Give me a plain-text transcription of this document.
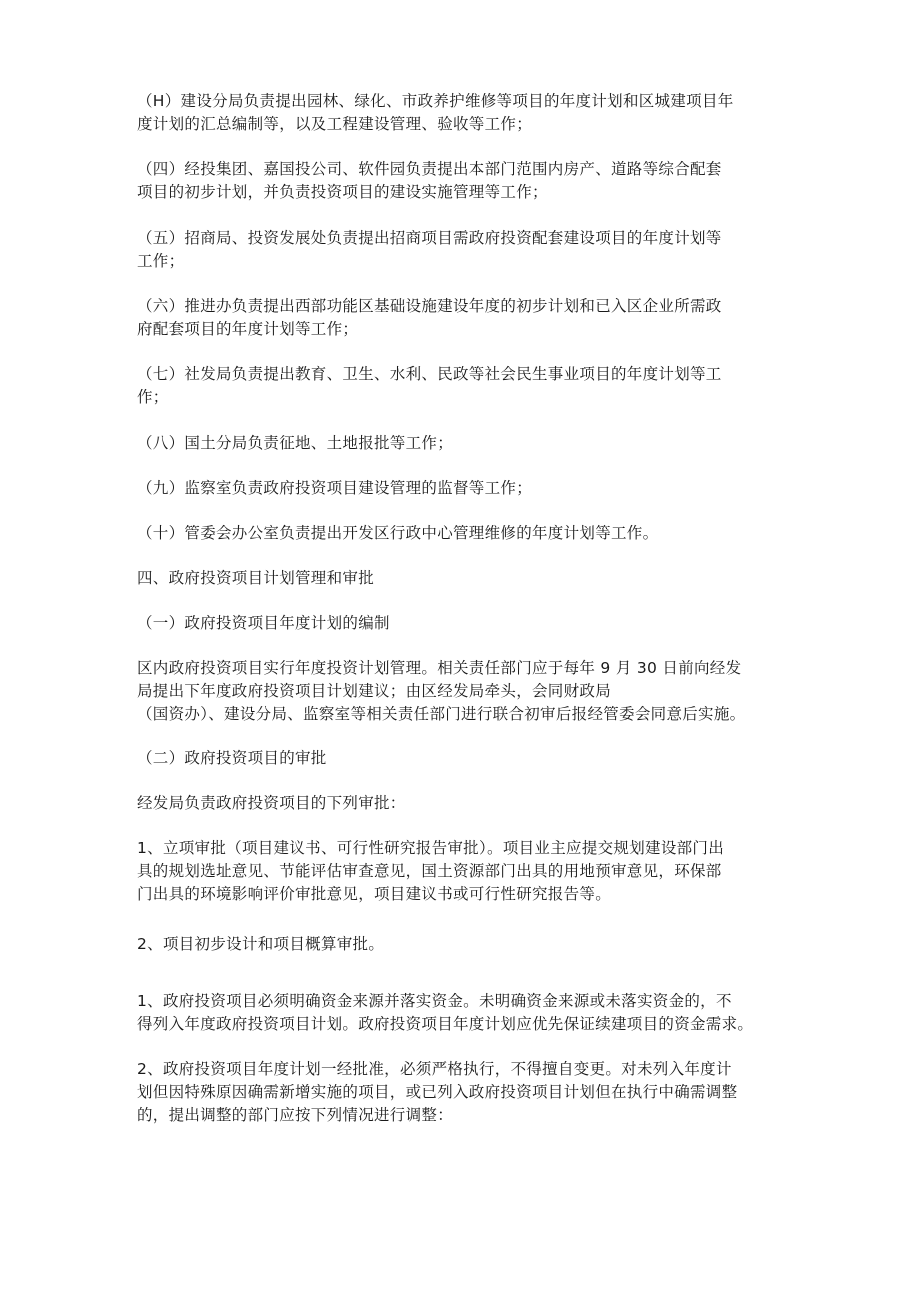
（H）建设分局负责提出园林、绿化、市政养护维修等项目的年度计划和区城建项目年
度计划的汇总编制等，以及工程建设管理、验收等工作；

（四）经投集团、嘉国投公司、软件园负责提出本部门范围内房产、道路等综合配套
项目的初步计划，并负责投资项目的建设实施管理等工作；

（五）招商局、投资发展处负责提出招商项目需政府投资配套建设项目的年度计划等
工作；

（六）推进办负责提出西部功能区基础设施建设年度的初步计划和已入区企业所需政
府配套项目的年度计划等工作；

（七）社发局负责提出教育、卫生、水利、民政等社会民生事业项目的年度计划等工
作；

（八）国土分局负责征地、土地报批等工作；

（九）监察室负责政府投资项目建设管理的监督等工作；

（十）管委会办公室负责提出开发区行政中心管理维修的年度计划等工作。

四、政府投资项目计划管理和审批

（一）政府投资项目年度计划的编制

区内政府投资项目实行年度投资计划管理。相关责任部门应于每年 9 月 30 日前向经发
局提出下年度政府投资项目计划建议；由区经发局牵头，会同财政局
（国资办）、建设分局、监察室等相关责任部门进行联合初审后报经管委会同意后实施。

（二）政府投资项目的审批

经发局负责政府投资项目的下列审批：

1、立项审批（项目建议书、可行性研究报告审批）。项目业主应提交规划建设部门出
具的规划选址意见、节能评估审查意见，国土资源部门出具的用地预审意见，环保部
门出具的环境影响评价审批意见，项目建议书或可行性研究报告等。

2、项目初步设计和项目概算审批。

1、政府投资项目必须明确资金来源并落实资金。未明确资金来源或未落实资金的，不
得列入年度政府投资项目计划。政府投资项目年度计划应优先保证续建项目的资金需求。

2、政府投资项目年度计划一经批准，必须严格执行，不得擅自变更。对未列入年度计
划但因特殊原因确需新增实施的项目，或已列入政府投资项目计划但在执行中确需调整
的，提出调整的部门应按下列情况进行调整：
